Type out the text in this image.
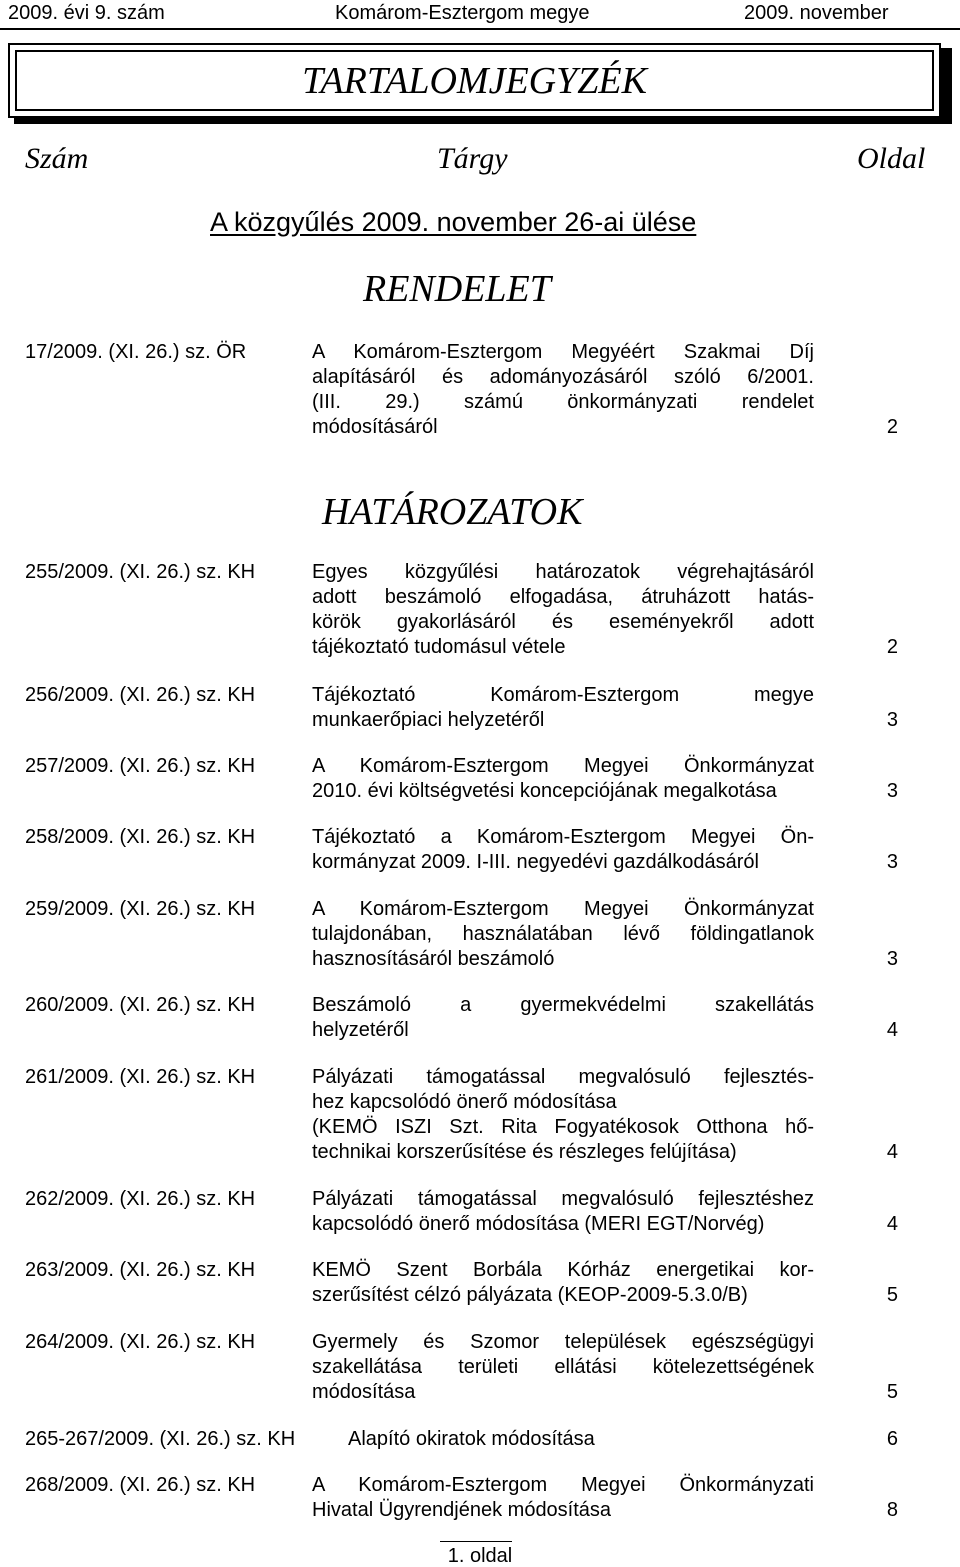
2009. évi 9. szám	Komárom-Esztergom megye	2009. november
TARTALOMJEGYZÉK
Szám	Tárgy	Oldal
A közgyűlés 2009. november 26-ai ülése
RENDELET
17/2009. (XI. 26.) sz. ÖR	A Komárom-Esztergom Megyéért Szakmai Díj
alapításáról és adományozásáról szóló 6/2001.
(III. 29.) számú önkormányzati rendelet
módosításáról	2
HATÁROZATOK
255/2009. (XI. 26.) sz. KH	Egyes közgyűlési határozatok végrehajtásáról
adott beszámoló elfogadása, átruházott hatás-
körök gyakorlásáról és eseményekről adott
tájékoztató tudomásul vétele	2
256/2009. (XI. 26.) sz. KH	Tájékoztató Komárom-Esztergom megye
munkaerőpiaci helyzetéről	3
257/2009. (XI. 26.) sz. KH	A Komárom-Esztergom Megyei Önkormányzat
2010. évi költségvetési koncepciójának megalkotása	3
258/2009. (XI. 26.) sz. KH	Tájékoztató a Komárom-Esztergom Megyei Ön-
kormányzat 2009. I-III. negyedévi gazdálkodásáról	3
259/2009. (XI. 26.) sz. KH	A Komárom-Esztergom Megyei Önkormányzat
tulajdonában, használatában lévő földingatlanok
hasznosításáról beszámoló	3
260/2009. (XI. 26.) sz. KH	Beszámoló a gyermekvédelmi szakellátás
helyzetéről	4
261/2009. (XI. 26.) sz. KH	Pályázati támogatással megvalósuló fejlesztés-
hez kapcsolódó önerő módosítása
(KEMÖ ISZI Szt. Rita Fogyatékosok Otthona hő-
technikai korszerűsítése és részleges felújítása)	4
262/2009. (XI. 26.) sz. KH	Pályázati támogatással megvalósuló fejlesztéshez
kapcsolódó önerő módosítása (MERI EGT/Norvég)	4
263/2009. (XI. 26.) sz. KH	KEMÖ Szent Borbála Kórház energetikai kor-
szerűsítést célzó pályázata (KEOP-2009-5.3.0/B)	5
264/2009. (XI. 26.) sz. KH	Gyermely és Szomor települések egészségügyi
szakellátása területi ellátási kötelezettségének
módosítása	5
265-267/2009. (XI. 26.) sz. KH	Alapító okiratok módosítása	6
268/2009. (XI. 26.) sz. KH	A Komárom-Esztergom Megyei Önkormányzati
Hivatal Ügyrendjének módosítása	8
1. oldal
